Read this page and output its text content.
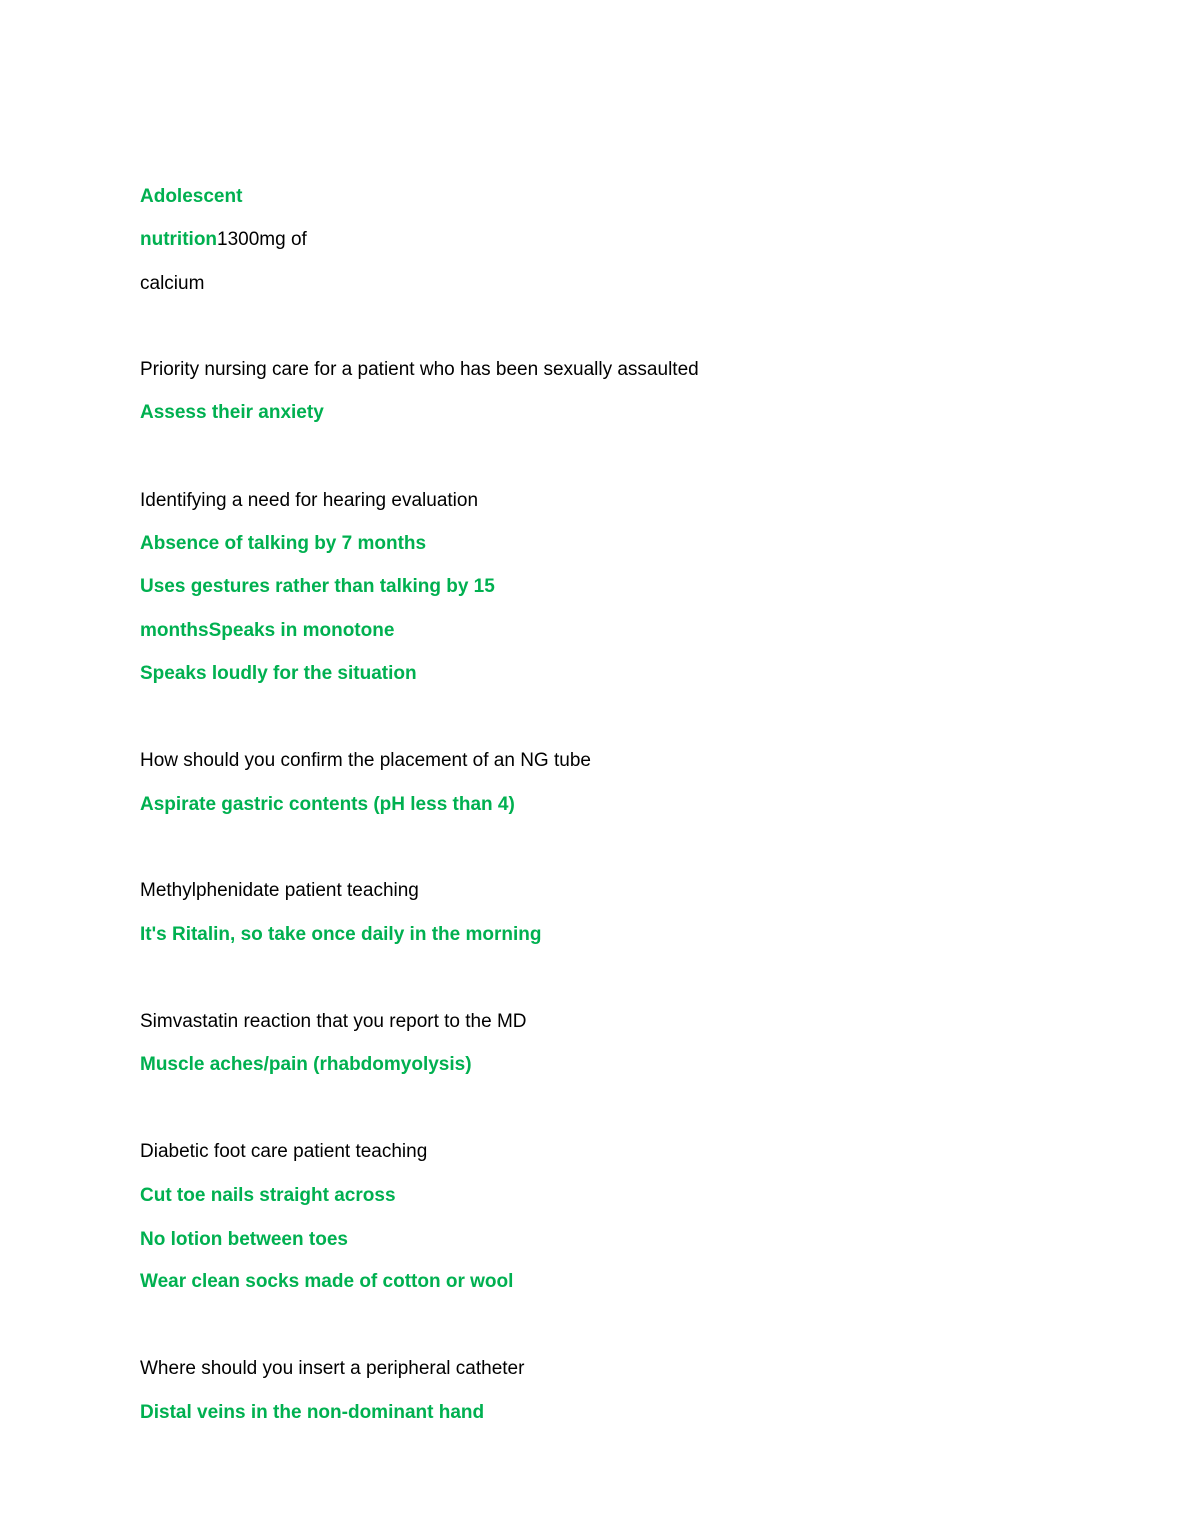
Adolescent
nutrition1300mg of
calcium
Priority nursing care for a patient who has been sexually assaulted
Assess their anxiety
Identifying a need for hearing evaluation
Absence of talking by 7 months
Uses gestures rather than talking by 15
monthsSpeaks in monotone
Speaks loudly for the situation
How should you confirm the placement of an NG tube
Aspirate gastric contents (pH less than 4)
Methylphenidate patient teaching
It's Ritalin, so take once daily in the morning
Simvastatin reaction that you report to the MD
Muscle aches/pain (rhabdomyolysis)
Diabetic foot care patient teaching
Cut toe nails straight across
No lotion between toes
Wear clean socks made of cotton or wool
Where should you insert a peripheral catheter
Distal veins in the non-dominant hand
